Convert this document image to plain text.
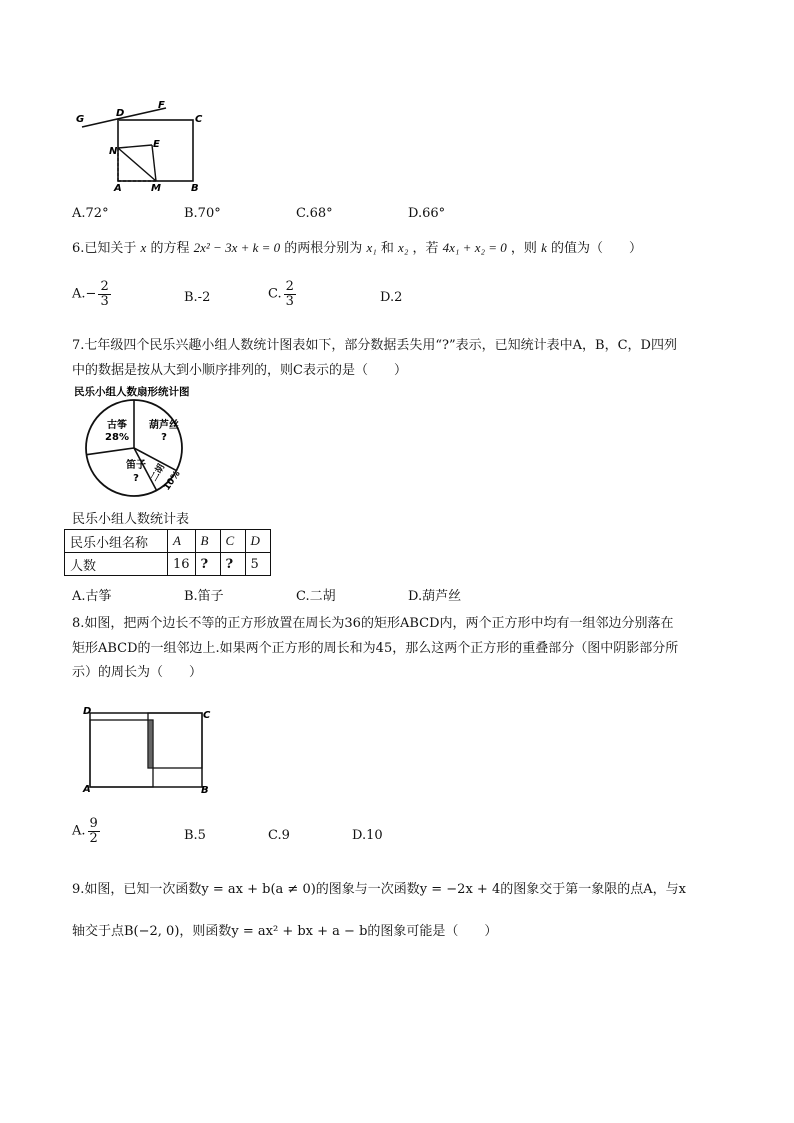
G
D
F
C
N
E
A	M	B
A.72°	B.70°	C.68°	D.66°
6.已知关于 x 的方程 2x² − 3x + k = 0 的两根分别为 x₁ 和 x₂ ，若 4x₁ + x₂ = 0 ，则 k 的值为（　　）
$A.- \frac{2}{3}$	B.-2	C. $\frac{2}{3}$	D.2
7.七年级四个民乐兴趣小组人数统计图表如下，部分数据丢失用“?”表示，已知统计表中A，B，C，D四列
中的数据是按从大到小顺序排列的，则C表示的是（　　）
民乐小组人数扇形统计图
古筝
28%
葫芦丝
?
二胡
10%
笛子
?
民乐小组人数统计表
民乐小组名称	A	B	C	D
人数	16	?	?	5
A.古筝	B.笛子	C.二胡	D.葫芦丝
8.如图，把两个边长不等的正方形放置在周长为36的矩形ABCD内，两个正方形中均有一组邻边分别落在
矩形ABCD的一组邻边上.如果两个正方形的周长和为45，那么这两个正方形的重叠部分（图中阴影部分所
示）的周长为（　　）
D	C
A	B
A. $\frac{9}{2}$	B.5	C.9	D.10
9.如图，已知一次函数y = ax + b(a ≠ 0)的图象与一次函数y = −2x + 4的图象交于第一象限的点A，与x
轴交于点B(−2, 0)，则函数y = ax² + bx + a − b的图象可能是（　　）
